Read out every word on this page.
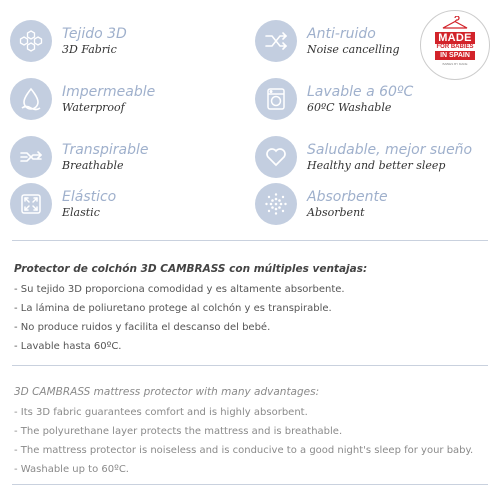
Tejido 3D
3D Fabric
Anti-ruido
Noise cancelling
Impermeable
Waterproof
Lavable a 60ºC
60ºC Washable
Transpirable
Breathable
Saludable, mejor sueño
Healthy and better sleep
Elástico
Elastic
Absorbente
Absorbent
MADE
FOR BABIES
IN SPAIN
BABIES BY MADE
Protector de colchón 3D CAMBRASS con múltiples ventajas:
- Su tejido 3D proporciona comodidad y es altamente absorbente.
- La lámina de poliuretano protege al colchón y es transpirable.
- No produce ruidos y facilita el descanso del bebé.
- Lavable hasta 60ºC.
3D CAMBRASS mattress protector with many advantages:
- Its 3D fabric guarantees comfort and is highly absorbent.
- The polyurethane layer protects the mattress and is breathable.
- The mattress protector is noiseless and is conducive to a good night's sleep for your baby.
- Washable up to 60ºC.
